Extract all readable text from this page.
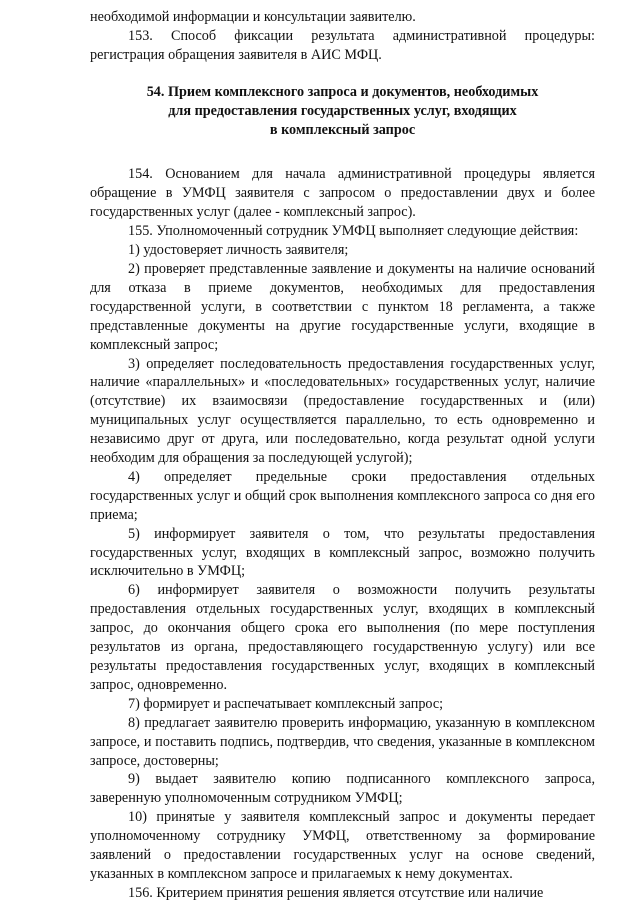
необходимой информации и консультации заявителю.

153. Способ фиксации результата административной процедуры: регистрация обращения заявителя в АИС МФЦ.

54. Прием комплексного запроса и документов, необходимых
для предоставления государственных услуг, входящих
в комплексный запрос

154. Основанием для начала административной процедуры является обращение в УМФЦ заявителя с запросом о предоставлении двух и более государственных услуг (далее - комплексный запрос).

155. Уполномоченный сотрудник УМФЦ выполняет следующие действия:

1) удостоверяет личность заявителя;

2) проверяет представленные заявление и документы на наличие оснований для отказа в приеме документов, необходимых для предоставления государственной услуги, в соответствии с пунктом 18 регламента, а также представленные документы на другие государственные услуги, входящие в комплексный запрос;

3) определяет последовательность предоставления государственных услуг, наличие «параллельных» и «последовательных» государственных услуг, наличие (отсутствие) их взаимосвязи (предоставление государственных и (или) муниципальных услуг осуществляется параллельно, то есть одновременно и независимо друг от друга, или последовательно, когда результат одной услуги необходим для обращения за последующей услугой);

4) определяет предельные сроки предоставления отдельных государственных услуг и общий срок выполнения комплексного запроса со дня его приема;

5) информирует заявителя о том, что результаты предоставления государственных услуг, входящих в комплексный запрос, возможно получить исключительно в УМФЦ;

6) информирует заявителя о возможности получить результаты предоставления отдельных государственных услуг, входящих в комплексный запрос, до окончания общего срока его выполнения (по мере поступления результатов из органа, предоставляющего государственную услугу) или все результаты предоставления государственных услуг, входящих в комплексный запрос, одновременно.

7) формирует и распечатывает комплексный запрос;

8) предлагает заявителю проверить информацию, указанную в комплексном запросе, и поставить подпись, подтвердив, что сведения, указанные в комплексном запросе, достоверны;

9) выдает заявителю копию подписанного комплексного запроса, заверенную уполномоченным сотрудником УМФЦ;

10) принятые у заявителя комплексный запрос и документы передает уполномоченному сотруднику УМФЦ, ответственному за формирование заявлений о предоставлении государственных услуг на основе сведений, указанных в комплексном запросе и прилагаемых к нему документах.

156. Критерием принятия решения является отсутствие или наличие
